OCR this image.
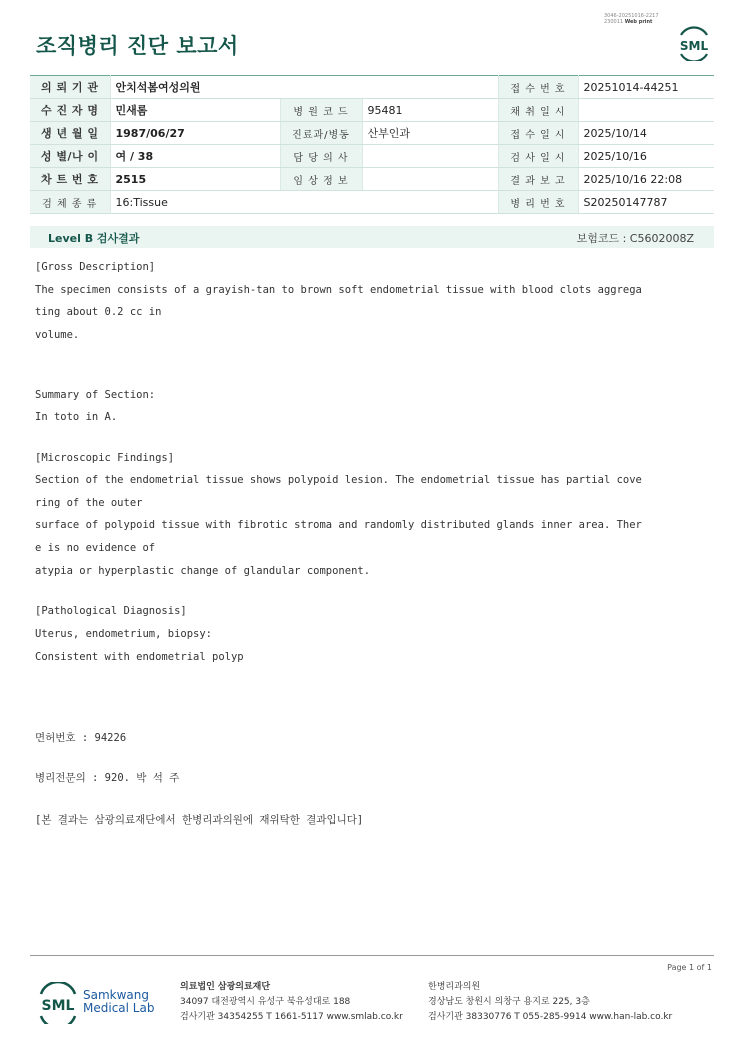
조직병리 진단 보고서
3046-20251016-2217
230011 Web print
SML
의 뢰 기 관	안치석봄여성의원			접 수 번 호	20251014-44251
수 진 자 명	민새롬	병 원 코 드	95481	채 취 일 시	
생 년 월 일	1987/06/27	진료과/병동	산부인과	접 수 일 시	2025/10/14
성 별/나 이	여 / 38	담 당 의 사		검 사 일 시	2025/10/16
차 트 번 호	2515	임 상 정 보		결 과 보 고	2025/10/16 22:08
검 체 종 류	16:Tissue			병 리 번 호	S20250147787
Level B 검사결과	보험코드 : C5602008Z
[Gross Description]
The specimen consists of a grayish-tan to brown soft endometrial tissue with blood clots aggrega
ting about 0.2 cc in
volume.
Summary of Section:
In toto in A.
[Microscopic Findings]
Section of the endometrial tissue shows polypoid lesion. The endometrial tissue has partial cove
ring of the outer
surface of polypoid tissue with fibrotic stroma and randomly distributed glands inner area. Ther
e is no evidence of
atypia or hyperplastic change of glandular component.
[Pathological Diagnosis]
Uterus, endometrium, biopsy:
Consistent with endometrial polyp
면허번호 : 94226
병리전문의 : 920. 박 석 주
[본 결과는 삼광의료재단에서 한병리과의원에 재위탁한 결과입니다]
Page 1 of 1
SML
Samkwang
Medical Lab
의료법인 삼광의료재단
34097 대전광역시 유성구 북유성대로 188
검사기관 34354255 T 1661-5117 www.smlab.co.kr
한병리과의원
경상남도 창원시 의창구 용지로 225, 3층
검사기관 38330776 T 055-285-9914 www.han-lab.co.kr
